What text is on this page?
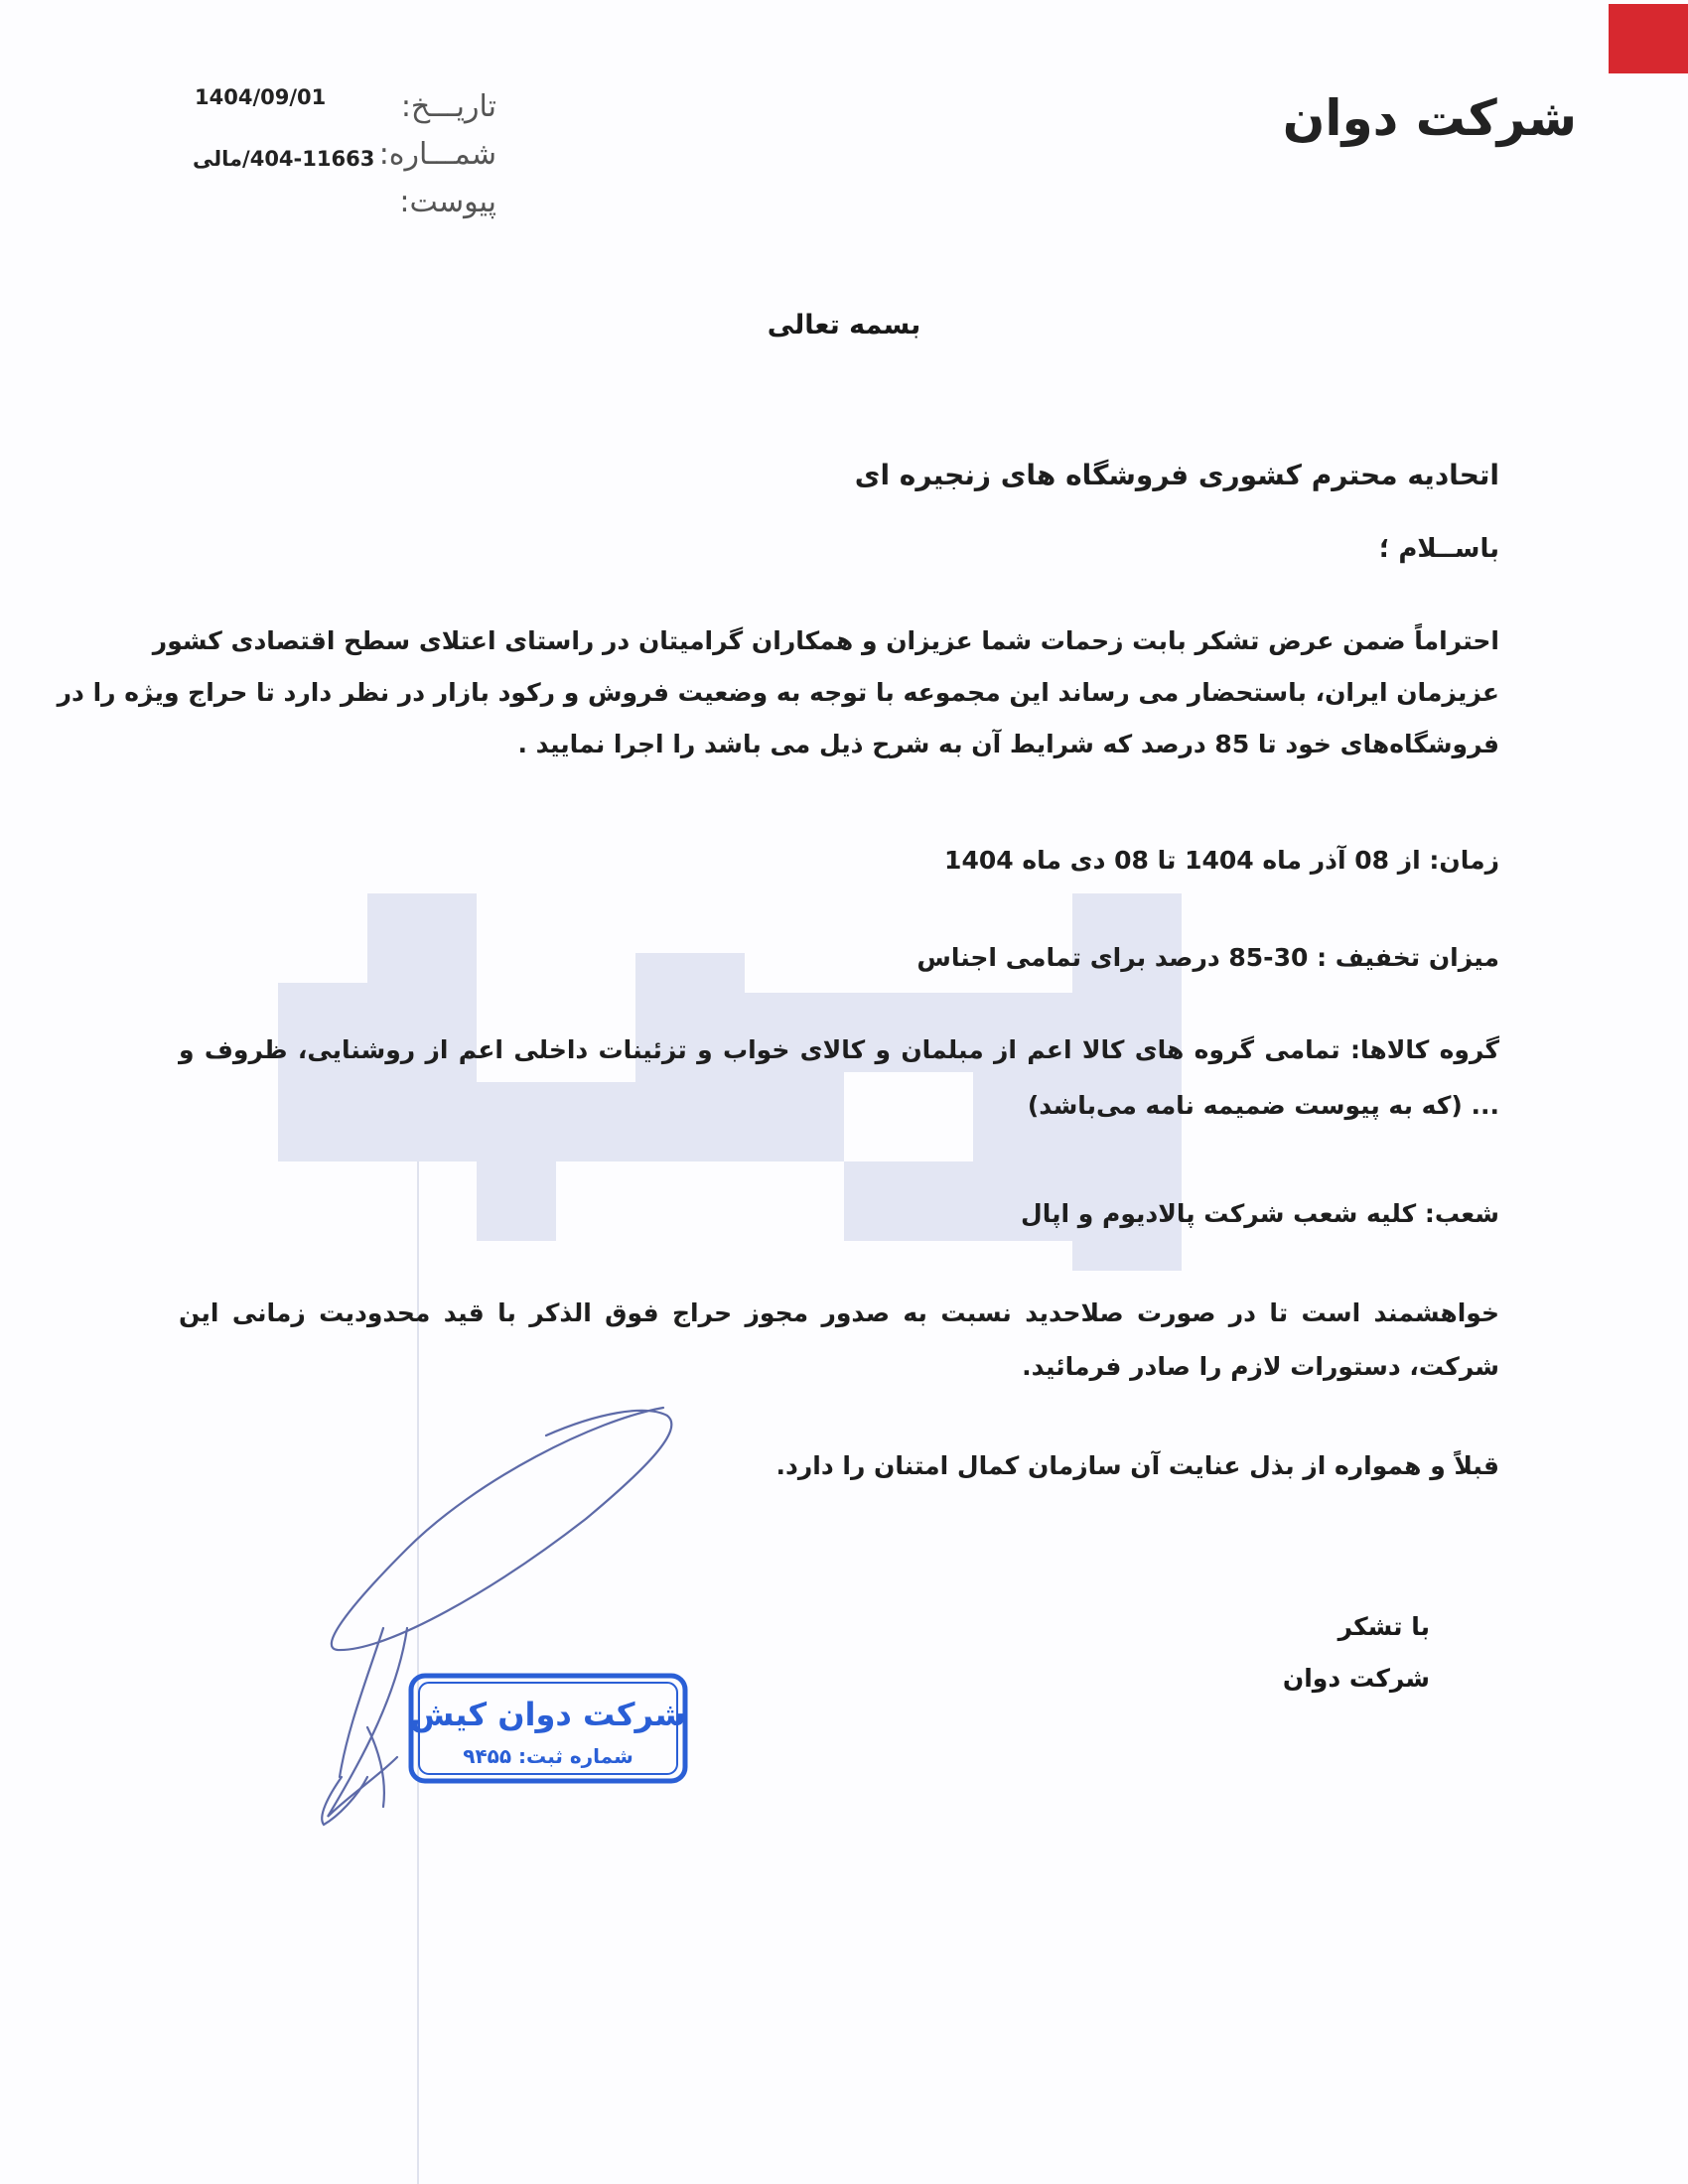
شرکت دوان
تاریـــخ:
1404/09/01
شمـــاره:
404-11663/مالی
پیوست:

بسمه تعالی

اتحادیه محترم کشوری فروشگاه های زنجیره ای

باســلام ؛

احتراماً ضمن عرض تشکر بابت زحمات شما عزیزان و همکاران گرامیتان در راستای اعتلای سطح اقتصادی کشور
عزیزمان ایران، باستحضار می رساند این مجموعه با توجه به وضعیت فروش و رکود بازار در نظر دارد تا حراج ویژه را در
فروشگاه‌های خود تا 85 درصد که شرایط آن به شرح ذیل می باشد را اجرا نمایید .

زمان: از 08 آذر ماه 1404 تا 08 دی ماه 1404

میزان تخفیف : 30-85 درصد برای تمامی اجناس

گروه کالاها: تمامی گروه های کالا اعم از مبلمان و کالای خواب و تزئینات داخلی اعم از روشنایی، ظروف و ... (که به پیوست ضمیمه نامه می‌باشد)

شعب: کلیه شعب شرکت پالادیوم و اپال

خواهشمند است تا در صورت صلاحدید نسبت به صدور مجوز حراج فوق الذکر با قید محدودیت زمانی این شرکت، دستورات لازم را صادر فرمائید.

قبلاً و همواره از بذل عنایت آن سازمان کمال امتنان را دارد.

با تشکر

شرکت دوان

شرکت دوان کیش
شماره ثبت: ۹۴۵۵
